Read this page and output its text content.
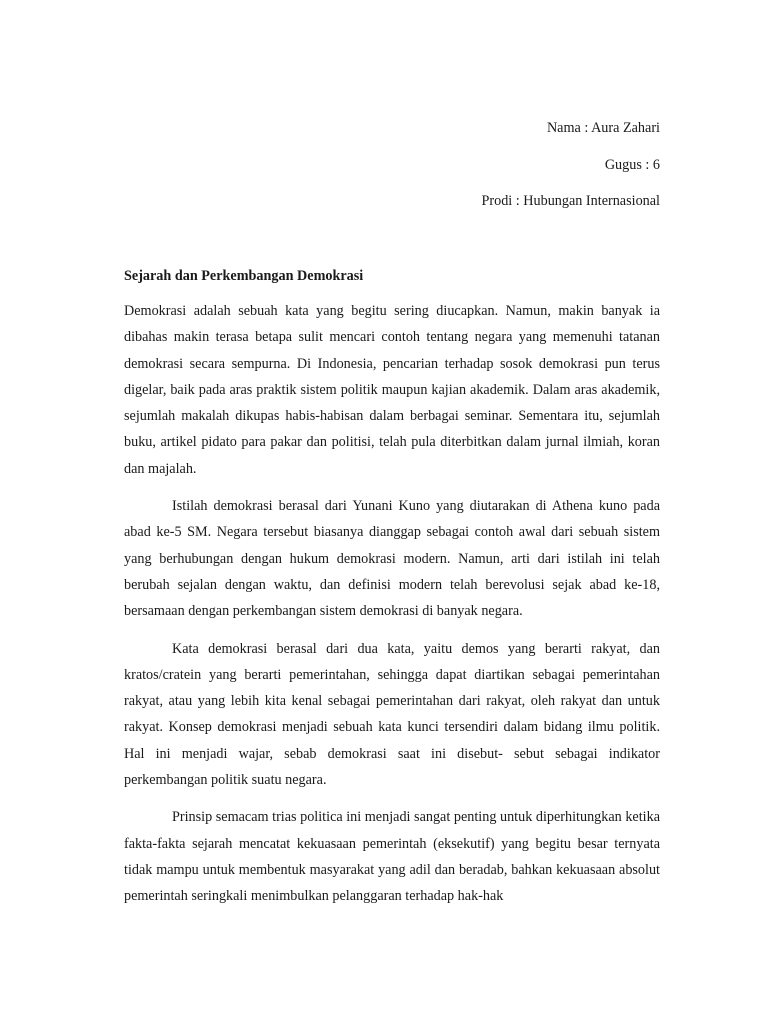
Nama : Aura Zahari
Gugus : 6
Prodi : Hubungan Internasional
Sejarah dan Perkembangan Demokrasi

Demokrasi adalah sebuah kata yang begitu sering diucapkan. Namun, makin banyak ia dibahas makin terasa betapa sulit mencari contoh tentang negara yang memenuhi tatanan demokrasi secara sempurna. Di Indonesia, pencarian terhadap sosok demokrasi pun terus digelar, baik pada aras praktik sistem politik maupun kajian akademik. Dalam aras akademik, sejumlah makalah dikupas habis-habisan dalam berbagai seminar. Sementara itu, sejumlah buku, artikel pidato para pakar dan politisi, telah pula diterbitkan dalam jurnal ilmiah, koran dan majalah.

Istilah demokrasi berasal dari Yunani Kuno yang diutarakan di Athena kuno pada abad ke-5 SM. Negara tersebut biasanya dianggap sebagai contoh awal dari sebuah sistem yang berhubungan dengan hukum demokrasi modern. Namun, arti dari istilah ini telah berubah sejalan dengan waktu, dan definisi modern telah berevolusi sejak abad ke-18, bersamaan dengan perkembangan sistem demokrasi di banyak negara.

Kata demokrasi berasal dari dua kata, yaitu demos yang berarti rakyat, dan kratos/cratein yang berarti pemerintahan, sehingga dapat diartikan sebagai pemerintahan rakyat, atau yang lebih kita kenal sebagai pemerintahan dari rakyat, oleh rakyat dan untuk rakyat. Konsep demokrasi menjadi sebuah kata kunci tersendiri dalam bidang ilmu politik. Hal ini menjadi wajar, sebab demokrasi saat ini disebut- sebut sebagai indikator perkembangan politik suatu negara.

Prinsip semacam trias politica ini menjadi sangat penting untuk diperhitungkan ketika fakta-fakta sejarah mencatat kekuasaan pemerintah (eksekutif) yang begitu besar ternyata tidak mampu untuk membentuk masyarakat yang adil dan beradab, bahkan kekuasaan absolut pemerintah seringkali menimbulkan pelanggaran terhadap hak-hak
